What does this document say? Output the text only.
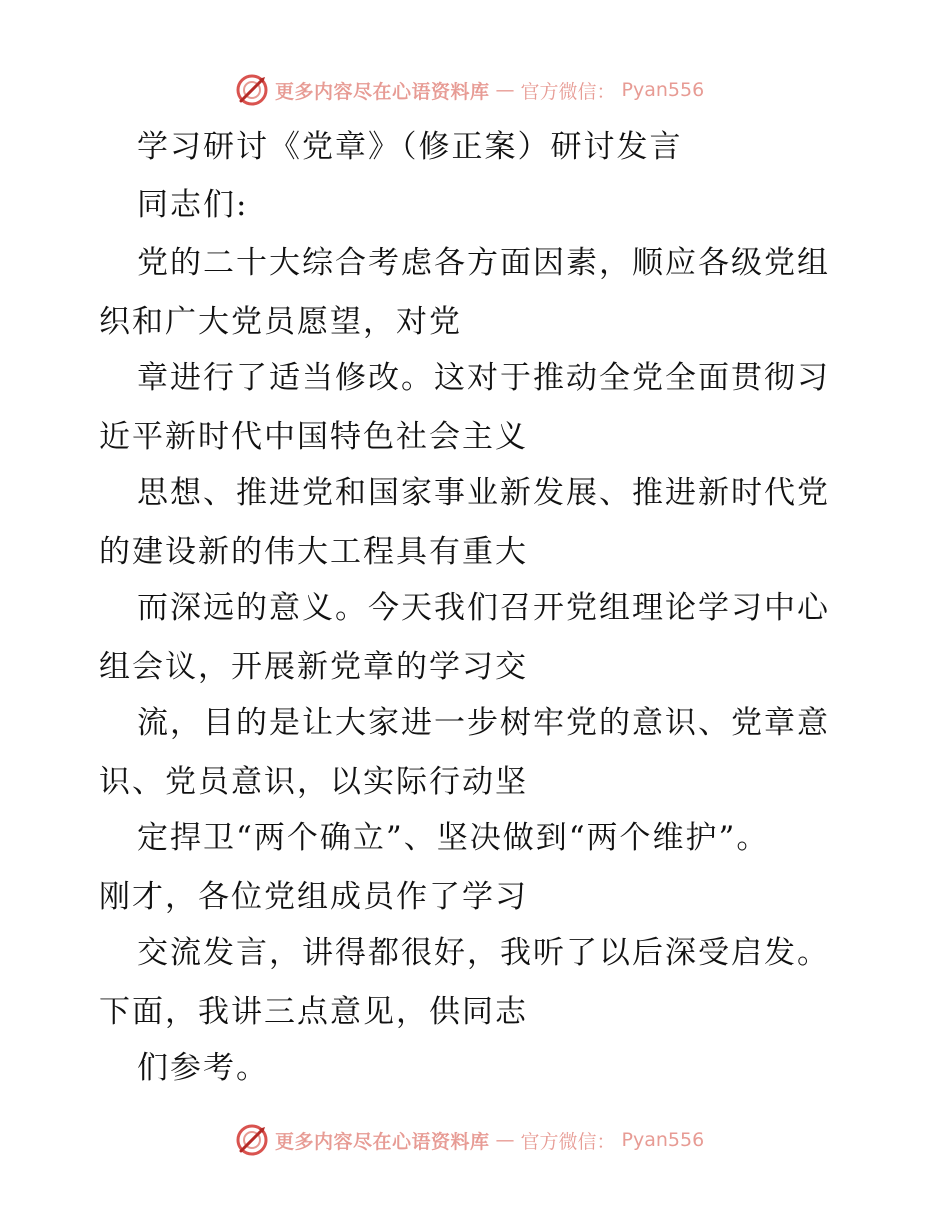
更多内容尽在心语资料库 — 官方微信： Pyan556
学习研讨《党章》（修正案）研讨发言
同志们:
党的二十大综合考虑各方面因素，顺应各级党组
织和广大党员愿望，对党
章进行了适当修改。这对于推动全党全面贯彻习
近平新时代中国特色社会主义
思想、推进党和国家事业新发展、推进新时代党
的建设新的伟大工程具有重大
而深远的意义。今天我们召开党组理论学习中心
组会议，开展新党章的学习交
流，目的是让大家进一步树牢党的意识、党章意
识、党员意识，以实际行动坚
定捍卫“两个确立”、坚决做到“两个维护”。
刚才，各位党组成员作了学习
交流发言，讲得都很好，我听了以后深受启发。
下面，我讲三点意见，供同志
们参考。
更多内容尽在心语资料库 — 官方微信： Pyan556
